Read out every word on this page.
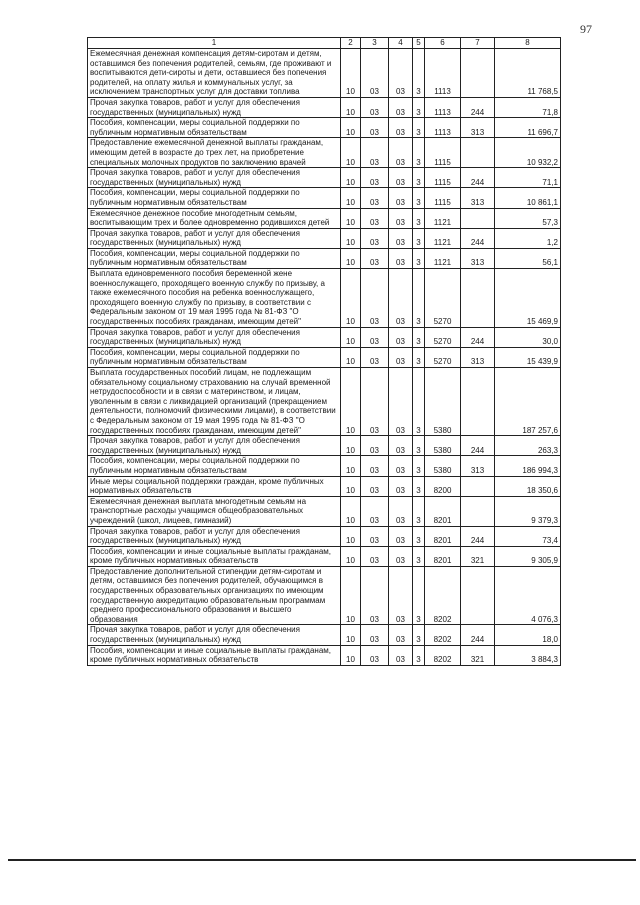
97
1	2	3	4	5	6	7	8
Ежемесячная денежная компенсация детям-сиротам и детям, оставшимся без попечения родителей, семьям, где проживают и воспитываются дети-сироты и дети, оставшиеся без попечения родителей, на оплату жилья и коммунальных услуг, за исключением транспортных услуг для доставки топлива	10	03	03	3	1113		11 768,5
Прочая закупка товаров, работ и услуг для обеспечения государственных (муниципальных) нужд	10	03	03	3	1113	244	71,8
Пособия, компенсации, меры социальной поддержки по публичным нормативным обязательствам	10	03	03	3	1113	313	11 696,7
Предоставление ежемесячной денежной выплаты гражданам, имеющим детей в возрасте до трех лет, на приобретение специальных молочных продуктов по заключению врачей	10	03	03	3	1115		10 932,2
Прочая закупка товаров, работ и услуг для обеспечения государственных (муниципальных) нужд	10	03	03	3	1115	244	71,1
Пособия, компенсации, меры социальной поддержки по публичным нормативным обязательствам	10	03	03	3	1115	313	10 861,1
Ежемесячное денежное пособие многодетным семьям, воспитывающим трех и более одновременно родившихся детей	10	03	03	3	1121		57,3
Прочая закупка товаров, работ и услуг для обеспечения государственных (муниципальных) нужд	10	03	03	3	1121	244	1,2
Пособия, компенсации, меры социальной поддержки по публичным нормативным обязательствам	10	03	03	3	1121	313	56,1
Выплата единовременного пособия беременной жене военнослужащего, проходящего военную службу по призыву, а также ежемесячного пособия на ребенка военнослужащего, проходящего военную службу по призыву, в соответствии с Федеральным законом от 19 мая 1995 года № 81-ФЗ "О государственных пособиях гражданам, имеющим детей"	10	03	03	3	5270		15 469,9
Прочая закупка товаров, работ и услуг для обеспечения государственных (муниципальных) нужд	10	03	03	3	5270	244	30,0
Пособия, компенсации, меры социальной поддержки по публичным нормативным обязательствам	10	03	03	3	5270	313	15 439,9
Выплата государственных пособий лицам, не подлежащим обязательному социальному страхованию на случай временной нетрудоспособности и в связи с материнством, и лицам, уволенным в связи с ликвидацией организаций (прекращением деятельности, полномочий физическими лицами), в соответствии с Федеральным законом от 19 мая 1995 года № 81-ФЗ "О государственных пособиях гражданам, имеющим детей"	10	03	03	3	5380		187 257,6
Прочая закупка товаров, работ и услуг для обеспечения государственных (муниципальных) нужд	10	03	03	3	5380	244	263,3
Пособия, компенсации, меры социальной поддержки по публичным нормативным обязательствам	10	03	03	3	5380	313	186 994,3
Иные меры социальной поддержки граждан, кроме публичных нормативных обязательств	10	03	03	3	8200		18 350,6
Ежемесячная денежная выплата многодетным семьям на транспортные расходы учащимся общеобразовательных учреждений (школ, лицеев, гимназий)	10	03	03	3	8201		9 379,3
Прочая закупка товаров, работ и услуг для обеспечения государственных (муниципальных) нужд	10	03	03	3	8201	244	73,4
Пособия, компенсации и иные социальные выплаты гражданам, кроме публичных нормативных обязательств	10	03	03	3	8201	321	9 305,9
Предоставление дополнительной стипендии детям-сиротам и детям, оставшимся без попечения родителей, обучающимся в государственных образовательных организациях по имеющим государственную аккредитацию образовательным программам среднего профессионального образования и высшего образования	10	03	03	3	8202		4 076,3
Прочая закупка товаров, работ и услуг для обеспечения государственных (муниципальных) нужд	10	03	03	3	8202	244	18,0
Пособия, компенсации и иные социальные выплаты гражданам, кроме публичных нормативных обязательств	10	03	03	3	8202	321	3 884,3
